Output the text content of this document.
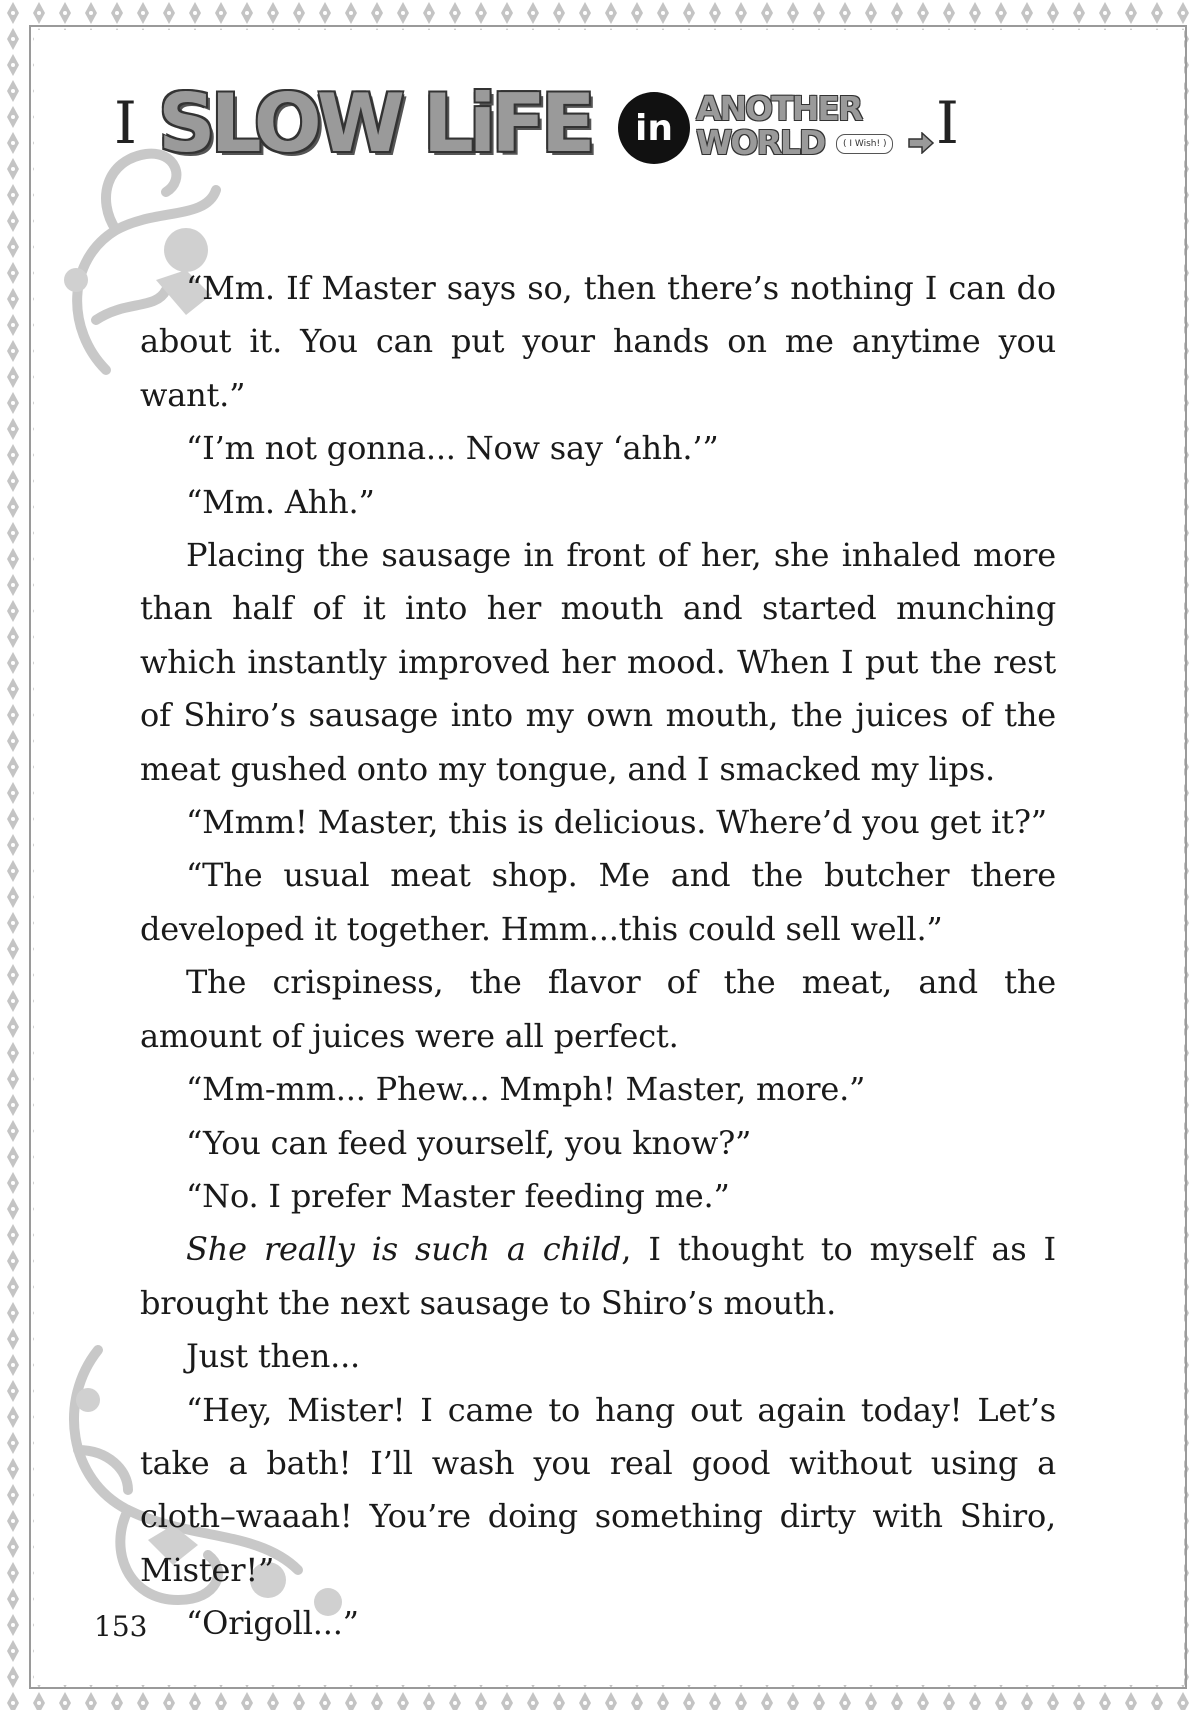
I SLOW LiFE	in ANOTHER
WORLD	( I Wish! ) I

“Mm. If Master says so, then there’s nothing I can do about it. You can put your hands on me anytime you want.”

“I’m not gonna... Now say ‘ahh.’”

“Mm. Ahh.”

Placing the sausage in front of her, she inhaled more than half of it into her mouth and started munching which instantly improved her mood. When I put the rest of Shiro’s sausage into my own mouth, the juices of the meat gushed onto my tongue, and I smacked my lips.

“Mmm! Master, this is delicious. Where’d you get it?”

“The usual meat shop. Me and the butcher there developed it together. Hmm...this could sell well.”

The crispiness, the flavor of the meat, and the amount of juices were all perfect.

“Mm-mm... Phew... Mmph! Master, more.”

“You can feed yourself, you know?”

“No. I prefer Master feeding me.”

She really is such a child, I thought to myself as I brought the next sausage to Shiro’s mouth.

Just then...

“Hey, Mister! I came to hang out again today! Let’s take a bath! I’ll wash you real good without using a cloth–waaah! You’re doing something dirty with Shiro, Mister!”

“Origoll...”

153
